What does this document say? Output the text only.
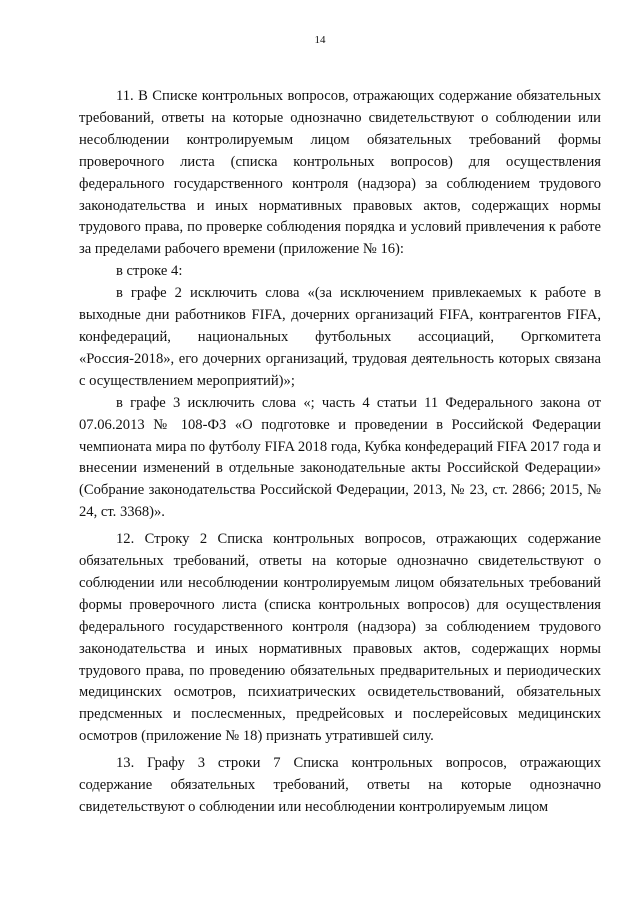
14

11. В Списке контрольных вопросов, отражающих содержание обязательных требований, ответы на которые однозначно свидетельствуют о соблюдении или несоблюдении контролируемым лицом обязательных требований формы проверочного листа (списка контрольных вопросов) для осуществления федерального государственного контроля (надзора) за соблюдением трудового законодательства и иных нормативных правовых актов, содержащих нормы трудового права, по проверке соблюдения порядка и условий привлечения к работе за пределами рабочего времени (приложение № 16):

в строке 4:

в графе 2 исключить слова «(за исключением привлекаемых к работе в выходные дни работников FIFA, дочерних организаций FIFA, контрагентов FIFA, конфедераций, национальных футбольных ассоциаций, Оргкомитета «Россия-2018», его дочерних организаций, трудовая деятельность которых связана с осуществлением мероприятий)»;

в графе 3 исключить слова «; часть 4 статьи 11 Федерального закона от 07.06.2013 № 108-ФЗ «О подготовке и проведении в Российской Федерации чемпионата мира по футболу FIFA 2018 года, Кубка конфедераций FIFA 2017 года и внесении изменений в отдельные законодательные акты Российской Федерации» (Собрание законодательства Российской Федерации, 2013, № 23, ст. 2866; 2015, № 24, ст. 3368)».

12. Строку 2 Списка контрольных вопросов, отражающих содержание обязательных требований, ответы на которые однозначно свидетельствуют о соблюдении или несоблюдении контролируемым лицом обязательных требований формы проверочного листа (списка контрольных вопросов) для осуществления федерального государственного контроля (надзора) за соблюдением трудового законодательства и иных нормативных правовых актов, содержащих нормы трудового права, по проведению обязательных предварительных и периодических медицинских осмотров, психиатрических освидетельствований, обязательных предсменных и послесменных, предрейсовых и послерейсовых медицинских осмотров (приложение № 18) признать утратившей силу.

13. Графу 3 строки 7 Списка контрольных вопросов, отражающих содержание обязательных требований, ответы на которые однозначно свидетельствуют о соблюдении или несоблюдении контролируемым лицом
